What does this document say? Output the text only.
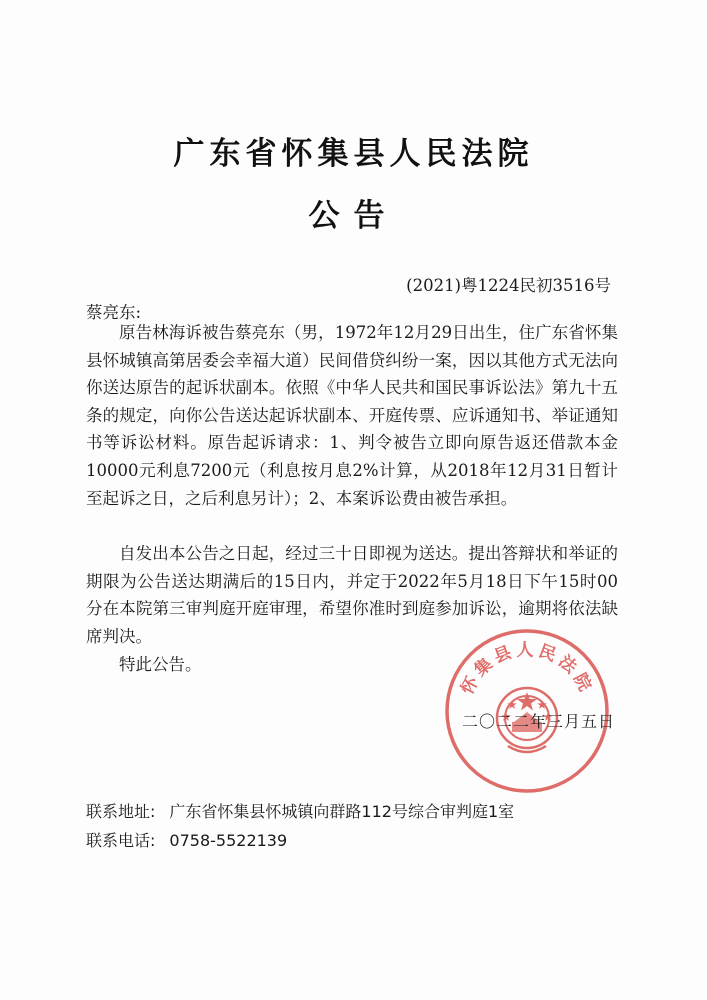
广东省怀集县人民法院
公告
(2021)粤1224民初3516号
蔡亮东:

原告林海诉被告蔡亮东（男，1972年12月29日出生，住广东省怀集县怀城镇高第居委会幸福大道）民间借贷纠纷一案，因以其他方式无法向你送达原告的起诉状副本。依照《中华人民共和国民事诉讼法》第九十五条的规定，向你公告送达起诉状副本、开庭传票、应诉通知书、举证通知书等诉讼材料。原告起诉请求：1、判令被告立即向原告返还借款本金10000元利息7200元（利息按月息2%计算，从2018年12月31日暂计至起诉之日，之后利息另计）；2、本案诉讼费由被告承担。

自发出本公告之日起，经过三十日即视为送达。提出答辩状和举证的期限为公告送达期满后的15日内，并定于2022年5月18日下午15时00分在本院第三审判庭开庭审理，希望你准时到庭参加诉讼，逾期将依法缺席判决。

特此公告。

怀集县人民法院
二〇二二年三月五日
联系地址: 广东省怀集县怀城镇向群路112号综合审判庭1室
联系电话: 0758-5522139
